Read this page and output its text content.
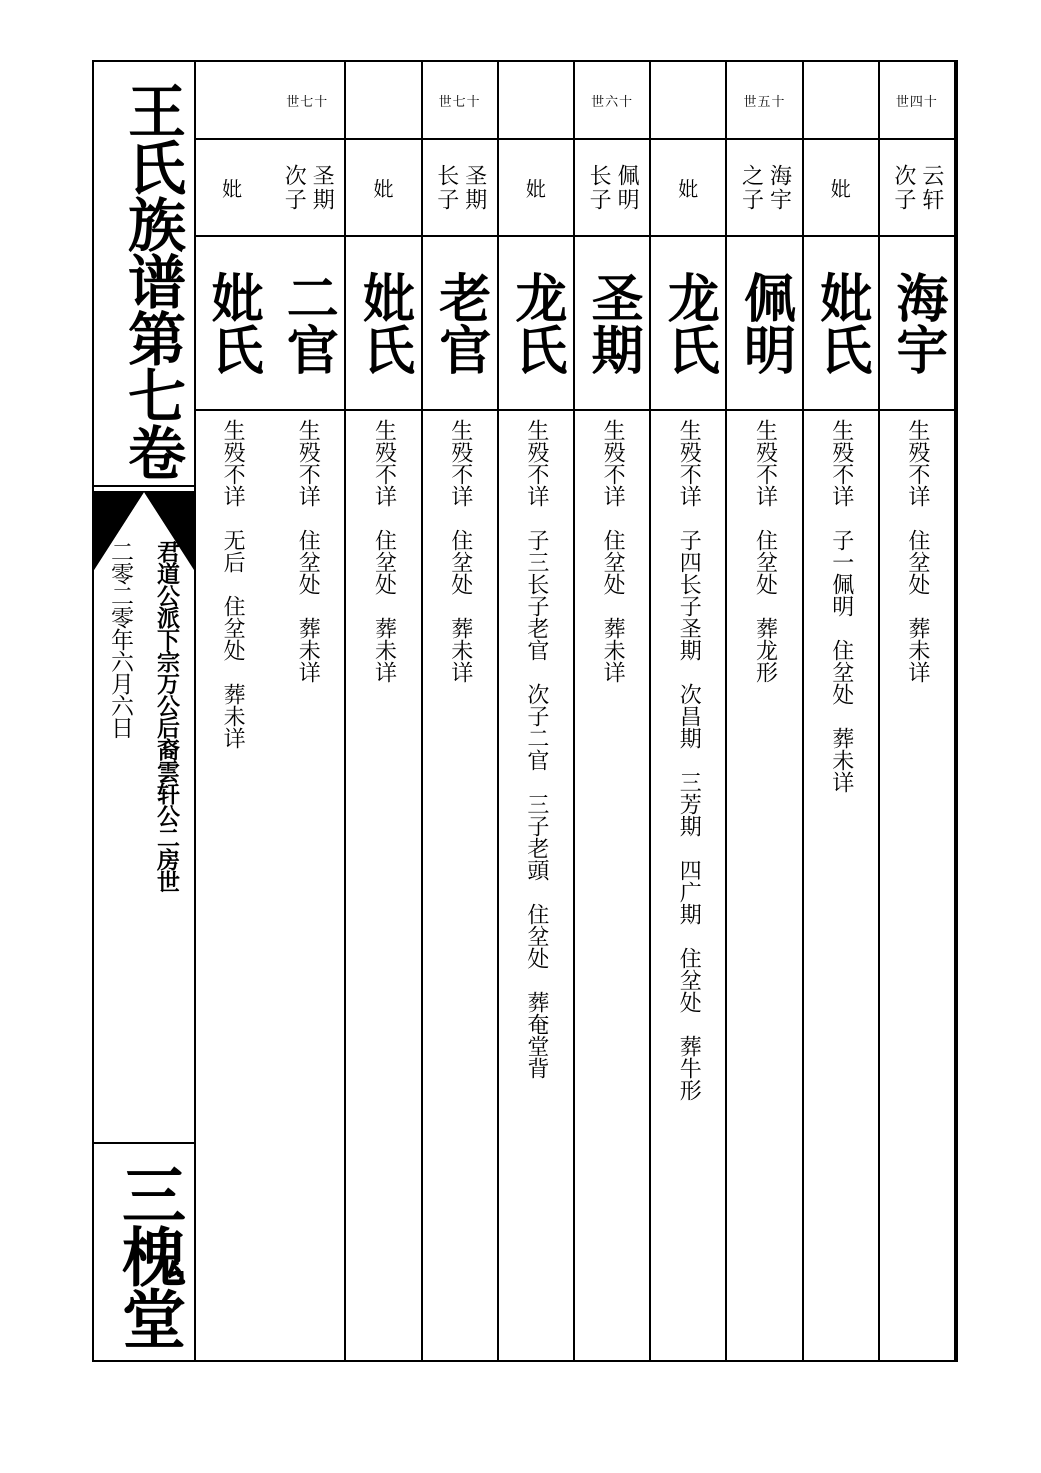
王氏族谱第七卷
君道公派下宗万公后裔雲轩公二房世
二零二零年六月六日
三槐堂
世四十
云轩
次子
海宇
生殁不详　住坌处　葬未详
妣
妣氏
生殁不详　子一佩明　住坌处　葬未详
世五十
海宇
之子
佩明
生殁不详　住坌处　葬龙形
妣
龙氏
生殁不详　子四长子圣期　次昌期　三芳期　四广期　住坌处　葬牛形
世六十
佩明
长子
圣期
生殁不详　住坌处　葬未详
妣
龙氏
生殁不详　子三长子老官　次子二官　三子老頭　住坌处　葬奄堂背
世七十
圣期
长子
老官
生殁不详　住坌处　葬未详
妣
妣氏
生殁不详　住坌处　葬未详
世七十
圣期
次子
二官
生殁不详　住坌处　葬未详
妣
妣氏
生殁不详　无后　住坌处　葬未详
